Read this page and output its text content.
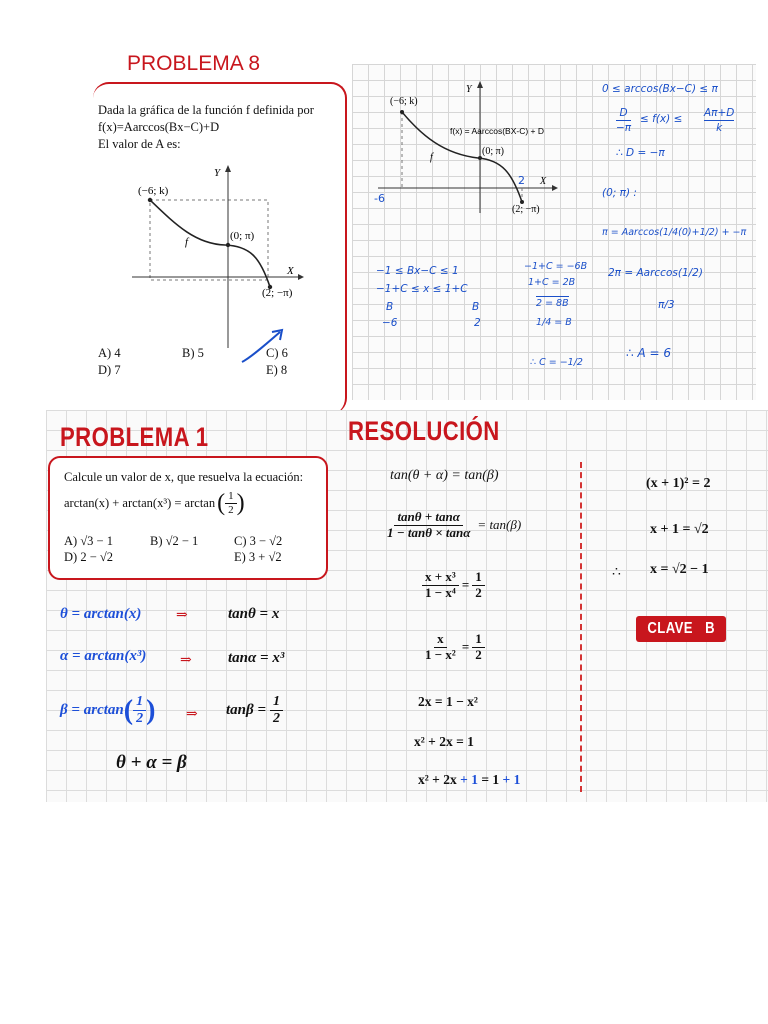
PROBLEMA 8
Dada la gráfica de la función f definida por
f(x)=Aarccos(Bx−C)+D
El valor de A es:
Y
X
(−6; k)
(0; π)
(2; −π)
f
A) 4	B) 5	C) 6
D) 7	E) 8
Y
X
(−6; k)
(0; π)
(2; −π)
f
f(x) = Aarccos(BX-C) + D
-6
2
0 ≤ arccos(Bx−C) ≤ π
D
−π
≤ f(x) ≤ Aπ+D
k
∴ D = −π
(0; π) :
π = Aarccos(1/4(0)+1/2) + −π
2π = Aarccos(1/2)
π/3
∴ A = 6
−1 ≤ Bx−C ≤ 1
−1+C ≤ x ≤ 1+C
B	B
−6	2
−1+C = −6B
1+C = 2B
2 = 8B
1/4 = B
∴ C = −1/2
PROBLEMA 1
Calcule un valor de x, que resuelva la ecuación:
arctan(x) + arctan(x³) = arctan ( $\frac{1}{2}$ )
A) √3 − 1	B) √2 − 1	C) 3 − √2
D) 2 − √2	E) 3 + √2
θ = arctan(x) ⇒	tanθ = x
α = arctan(x³) ⇒ tanα = x³
β = arctan ( $\frac{1}{2}$ ) ⇒ $\tan\beta = \frac{1}{2}$
θ + α = β
RESOLUCIÓN
tan(θ + α) = tan(β)
$\frac{\tan\theta + \tan\alpha}{1 - \tan\theta \times \tan\alpha} = \tan(\beta)$
$\frac{\text{x + x³}}{\text{1 − x⁴}} = \frac{1}{2}$
$\frac{x}{\text{1 − x²}} = \frac{1}{2}$
2x = 1 − x²
x² + 2x = 1
x² + 2x + 1 = 1 + 1
(x + 1)² = 2
x + 1 = √2
∴ x = √2 − 1
CLAVE   B
